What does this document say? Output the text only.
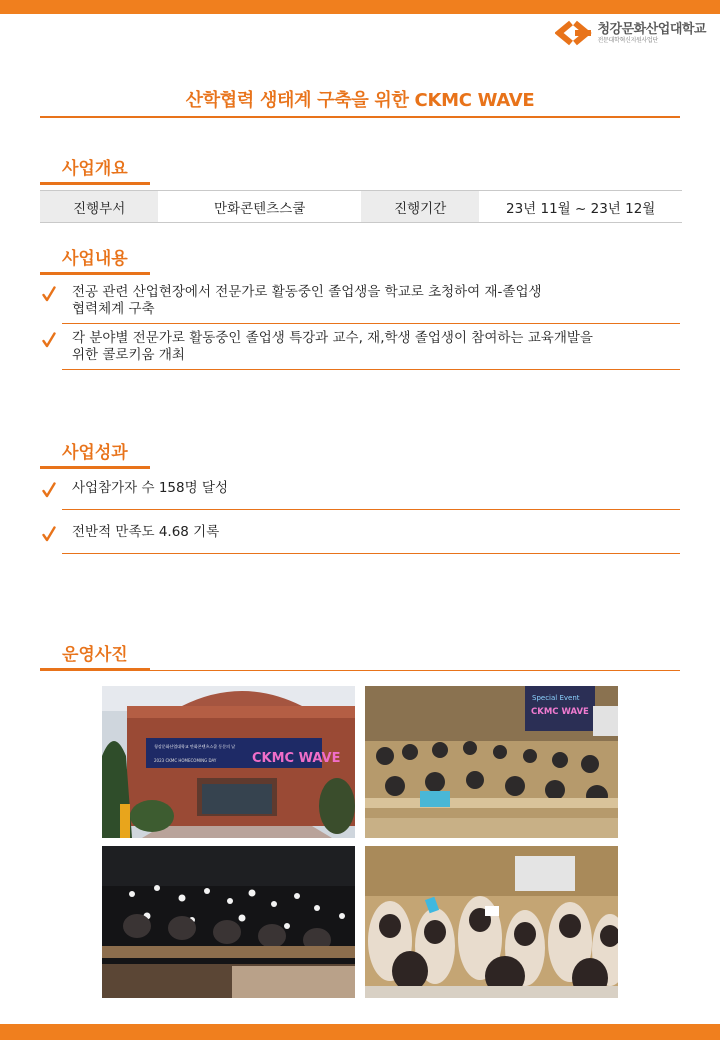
청강문화산업대학교
전문대학혁신지원사업단
산학협력 생태계 구축을 위한 CKMC WAVE
사업개요
진행부서	만화콘텐츠스쿨	진행기간	23년 11월 ~ 23년 12월
사업내용
전공 관련 산업현장에서 전문가로 활동중인 졸업생을 학교로 초청하여 재-졸업생
협력체계 구축
각 분야별 전문가로 활동중인 졸업생 특강과 교수, 재,학생 졸업생이 참여하는 교육개발을
위한 콜로키움 개최
사업성과
사업참가자 수 158명 달성
전반적 만족도 4.68 기록
운영사진
청강문화산업대학교 만화콘텐츠스쿨 동문의 날
CKMC WAVE
2023 CKMC HOMECOMING DAY
Special Event
CKMC WAVE
